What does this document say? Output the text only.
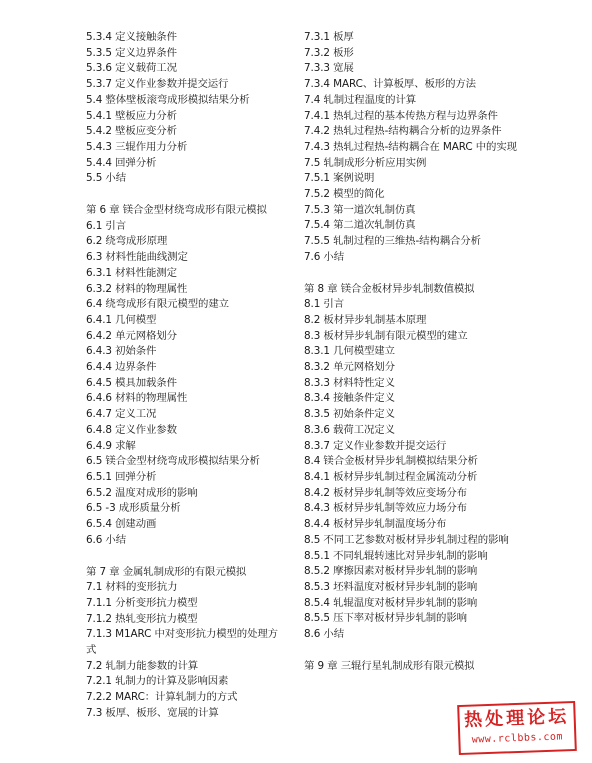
5.3.4 定义接触条件
5.3.5 定义边界条件
5.3.6 定义载荷工况
5.3.7 定义作业参数并提交运行
5.4 整体壁板滚弯成形模拟结果分析
5.4.1 壁板应力分析
5.4.2 壁板应变分析
5.4.3 三辊作用力分析
5.4.4 回弹分析
5.5 小结
第 6 章 镁合金型材绕弯成形有限元模拟
6.1 引言
6.2 绕弯成形原理
6.3 材料性能曲线测定
6.3.1 材料性能测定
6.3.2 材料的物理属性
6.4 绕弯成形有限元模型的建立
6.4.1 几何模型
6.4.2 单元网格划分
6.4.3 初始条件
6.4.4 边界条件
6.4.5 模具加载条件
6.4.6 材料的物理属性
6.4.7 定义工况
6.4.8 定义作业参数
6.4.9 求解
6.5 镁合金型材绕弯成形模拟结果分析
6.5.1 回弹分析
6.5.2 温度对成形的影响
6.5 -3 成形质量分析
6.5.4 创建动画
6.6 小结
第 7 章 金属轧制成形的有限元模拟
7.1 材料的变形抗力
7.1.1 分析变形抗力模型
7.1.2 热轧变形抗力模型
7.1.3 M1ARC 中对变形抗力模型的处理方式
7.2 轧制力能参数的计算
7.2.1 轧制力的计算及影响因素
7.2.2 MARC：计算轧制力的方式
7.3 板厚、板形、宽展的计算
7.3.1 板厚
7.3.2 板形
7.3.3 宽展
7.3.4 MARC、计算板厚、板形的方法
7.4 轧制过程温度的计算
7.4.1 热轧过程的基本传热方程与边界条件
7.4.2 热轧过程热-结构耦合分析的边界条件
7.4.3 热轧过程热-结构耦合在 MARC 中的实现
7.5 轧制成形分析应用实例
7.5.1 案例说明
7.5.2 模型的简化
7.5.3 第一道次轧制仿真
7.5.4 第二道次轧制仿真
7.5.5 轧制过程的三维热-结构耦合分析
7.6 小结
第 8 章 镁合金板材异步轧制数值模拟
8.1 引言
8.2 板材异步轧制基本原理
8.3 板材异步轧制有限元模型的建立
8.3.1 几何模型建立
8.3.2 单元网格划分
8.3.3 材料特性定义
8.3.4 接触条件定义
8.3.5 初始条件定义
8.3.6 载荷工况定义
8.3.7 定义作业参数并提交运行
8.4 镁合金板材异步轧制模拟结果分析
8.4.1 板材异步轧制过程金属流动分析
8.4.2 板材异步轧制等效应变场分布
8.4.3 板材异步轧制等效应力场分布
8.4.4 板材异步轧制温度场分布
8.5 不同工艺参数对板材异步轧制过程的影响
8.5.1 不同轧辊转速比对异步轧制的影响
8.5.2 摩擦因素对板材异步轧制的影响
8.5.3 坯料温度对板材异步轧制的影响
8.5.4 轧辊温度对板材异步轧制的影响
8.5.5 压下率对板材异步轧制的影响
8.6 小结
第 9 章 三辊行星轧制成形有限元模拟
热处理论坛
www.rclbbs.com
